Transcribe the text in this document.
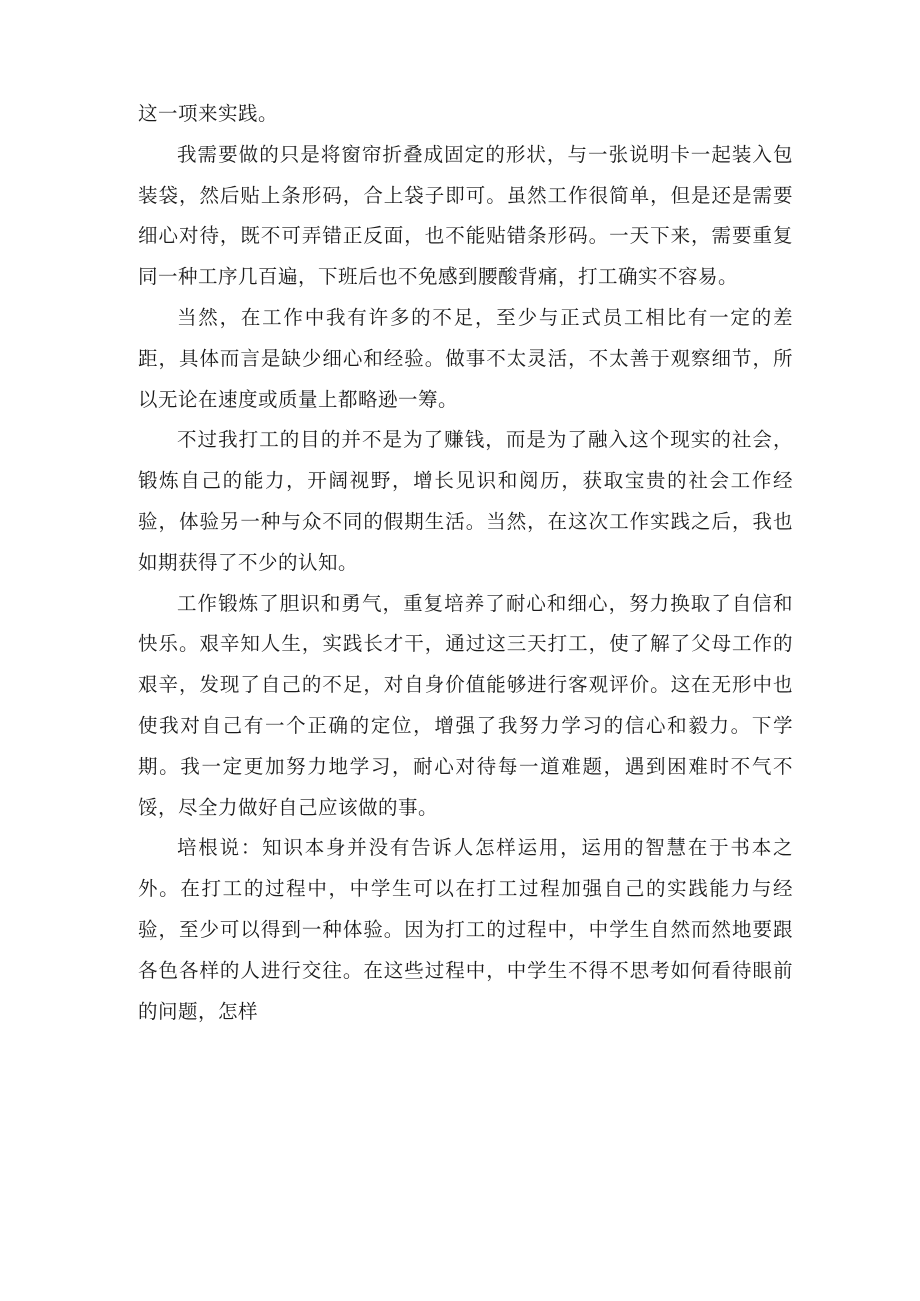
这一项来实践。

我需要做的只是将窗帘折叠成固定的形状，与一张说明卡一起装入包装袋，然后贴上条形码，合上袋子即可。虽然工作很简单，但是还是需要细心对待，既不可弄错正反面，也不能贴错条形码。一天下来，需要重复同一种工序几百遍，下班后也不免感到腰酸背痛，打工确实不容易。

当然，在工作中我有许多的不足，至少与正式员工相比有一定的差距，具体而言是缺少细心和经验。做事不太灵活，不太善于观察细节，所以无论在速度或质量上都略逊一筹。

不过我打工的目的并不是为了赚钱，而是为了融入这个现实的社会，锻炼自己的能力，开阔视野，增长见识和阅历，获取宝贵的社会工作经验，体验另一种与众不同的假期生活。当然，在这次工作实践之后，我也如期获得了不少的认知。

工作锻炼了胆识和勇气，重复培养了耐心和细心，努力换取了自信和快乐。艰辛知人生，实践长才干，通过这三天打工，使了解了父母工作的艰辛，发现了自己的不足，对自身价值能够进行客观评价。这在无形中也使我对自己有一个正确的定位，增强了我努力学习的信心和毅力。下学期。我一定更加努力地学习，耐心对待每一道难题，遇到困难时不气不馁，尽全力做好自己应该做的事。

培根说：知识本身并没有告诉人怎样运用，运用的智慧在于书本之外。在打工的过程中，中学生可以在打工过程加强自己的实践能力与经验，至少可以得到一种体验。因为打工的过程中，中学生自然而然地要跟各色各样的人进行交往。在这些过程中，中学生不得不思考如何看待眼前的问题，怎样
